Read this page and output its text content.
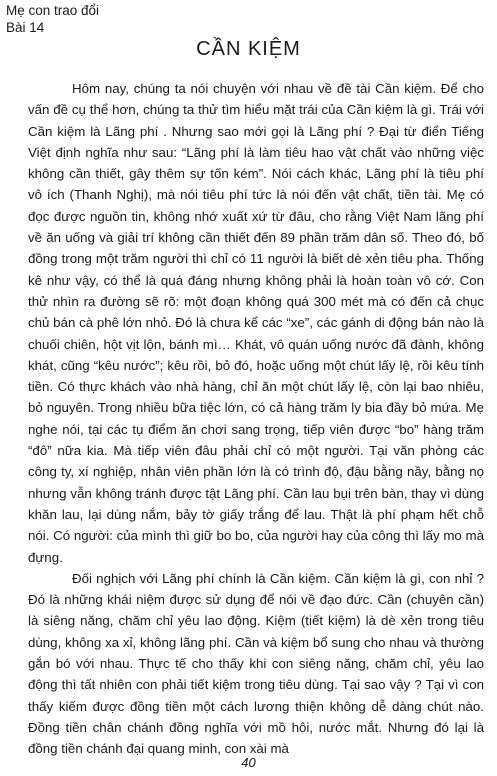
Mẹ con trao đổi
Bài 14
CẦN KIỆM

Hôm nay, chúng ta nói chuyện với nhau về đề tài Cần kiệm. Để cho vấn đề cụ thể hơn, chúng ta thử tìm hiểu mặt trái của Cần kiệm là gì. Trái với Cần kiệm là Lãng phí . Nhưng sao mới gọi là Lãng phí ? Đại từ điển Tiếng Việt định nghĩa như sau: “Lãng phí là làm tiêu hao vật chất vào những việc không cần thiết, gây thêm sự tốn kém”. Nói cách khác, Lãng phí là tiêu phí vô ích (Thanh Nghị), mà nói tiêu phí tức là nói đến vật chất, tiền tài. Mẹ có đọc được nguồn tin, không nhớ xuất xứ từ đâu, cho rằng Việt Nam lãng phí về ăn uống và giải trí không cần thiết đến 89 phần trăm dân số. Theo đó, bố đồng trong một trăm người thì chỉ có 11 người là biết dè xẻn tiêu pha. Thống kê như vậy, có thể là quá đáng nhưng không phải là hoàn toàn vô cớ. Con thử nhìn ra đường sẽ rõ: một đoạn không quá 300 mét mà có đến cả chục chủ bán cà phê lớn nhỏ. Đó là chưa kể các “xe”, các gánh di động bán nào là chuối chiên, hột vịt lộn, bánh mì… Khát, vô quán uống nước đã đành, không khát, cũng “kêu nước”; kêu rồi, bỏ đó, hoặc uống một chút lấy lệ, rồi kêu tính tiền. Có thực khách vào nhà hàng, chỉ ăn một chút lấy lệ, còn lại bao nhiêu, bỏ nguyên. Trong nhiều bữa tiệc lớn, có cả hàng trăm ly bia đầy bỏ mứa. Mẹ nghe nói, tại các tụ điểm ăn chơi sang trọng, tiếp viên được “bo” hàng trăm “đô” nữa kia. Mà tiếp viên đâu phải chỉ có một người. Tại văn phòng các công ty, xí nghiệp, nhân viên phần lớn là có trình độ, đậu bằng nầy, bằng nọ nhưng vẫn không tránh được tật Lãng phí. Cần lau bụi trên bàn, thay vì dùng khăn lau, lại dùng nắm, bảy tờ giấy trắng để lau. Thật là phí phạm hết chỗ nói. Có người: của mình thì giữ bo bo, của người hay của công thì lấy mo mà đựng.

Đối nghịch với Lãng phí chính là Cần kiệm. Cần kiệm là gì, con nhỉ ? Đó là những khái niệm được sử dụng để nói về đạo đức. Cần (chuyên cần) là siêng năng, chăm chỉ yêu lao động. Kiệm (tiết kiệm) là dè xẻn trong tiêu dùng, không xa xỉ, không lãng phí. Cần và kiệm bổ sung cho nhau và thường gắn bó với nhau. Thực tế cho thấy khi con siêng năng, chăm chỉ, yêu lao động thì tất nhiên con phải tiết kiệm trong tiêu dùng. Tại sao vậy ? Tại vì con thấy kiếm được đồng tiền một cách lương thiện không dễ dàng chút nào. Đồng tiền chân chánh đồng nghĩa với mồ hôi, nước mắt. Nhưng đó lại là đồng tiền chánh đại quang minh, con xài mà

40
